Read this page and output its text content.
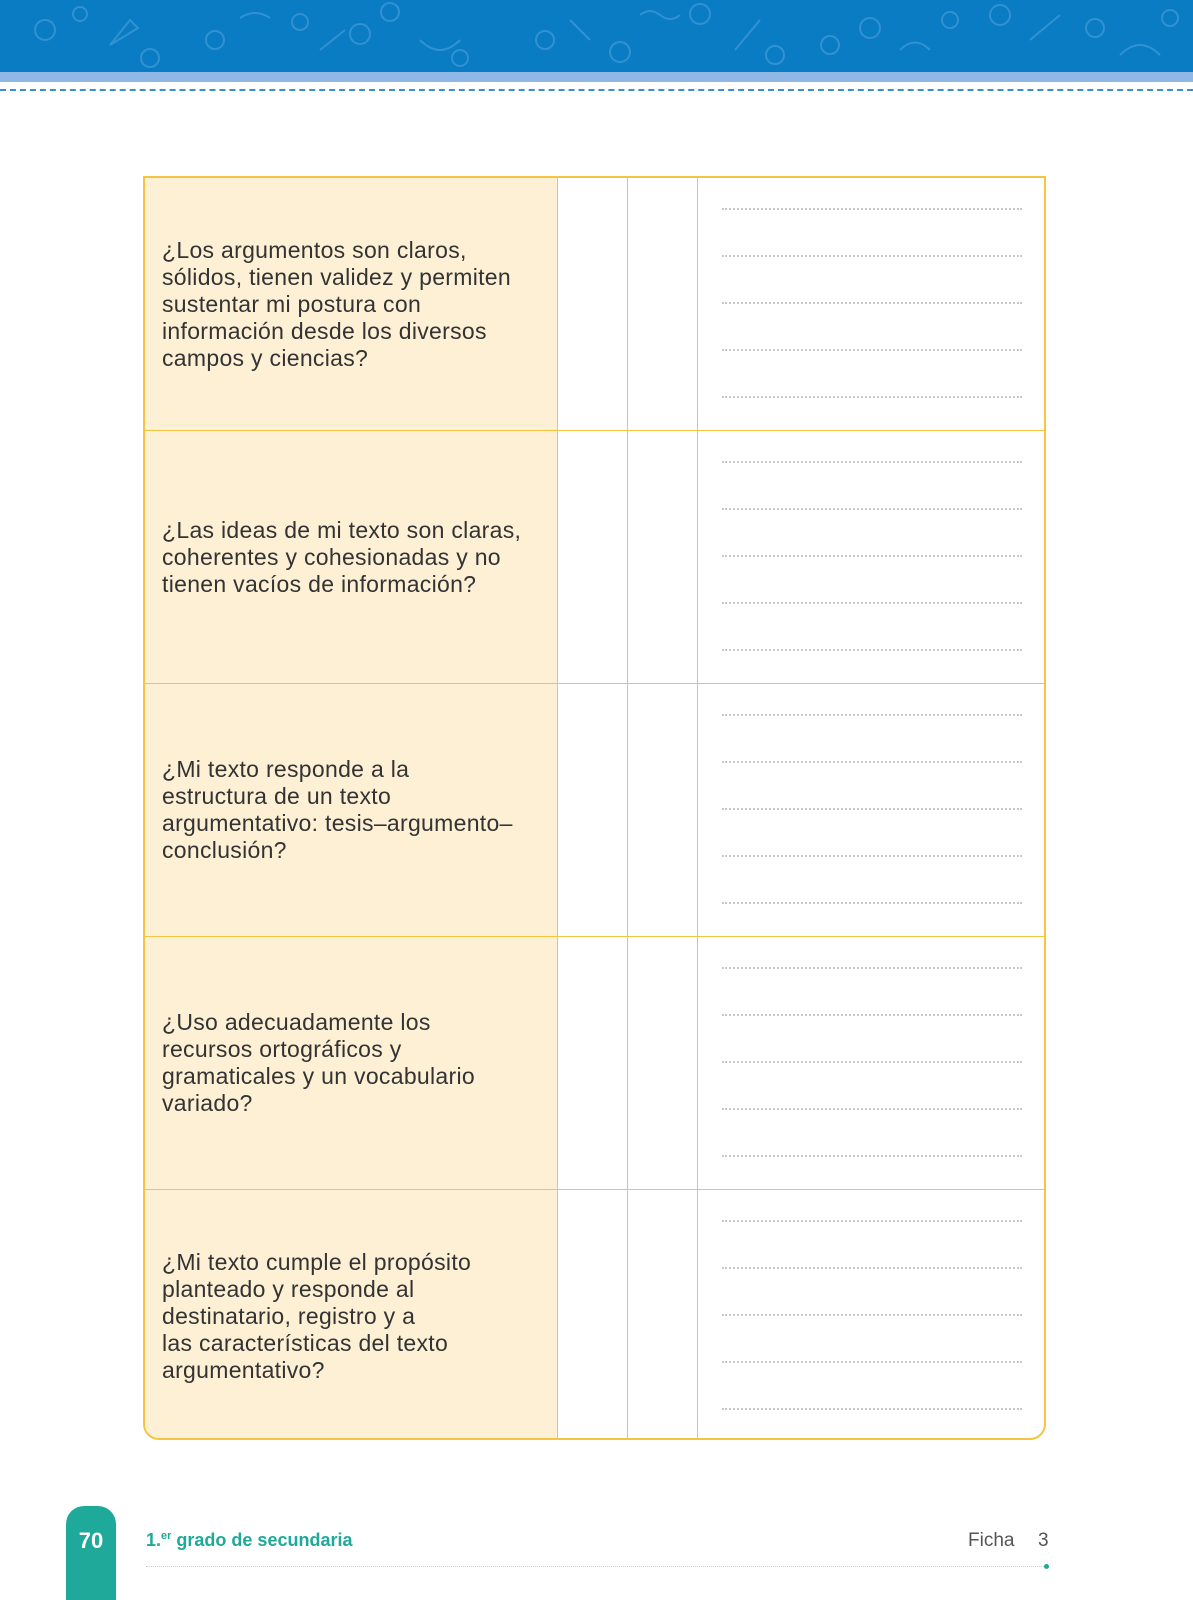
¿Los argumentos son claros,
sólidos, tienen validez y permiten
sustentar mi postura con
información desde los diversos
campos y ciencias?
¿Las ideas de mi texto son claras,
coherentes y cohesionadas y no
tienen vacíos de información?
¿Mi texto responde a la
estructura de un texto
argumentativo: tesis–argumento–
conclusión?
¿Uso adecuadamente los
recursos ortográficos y
gramaticales y un vocabulario
variado?
¿Mi texto cumple el propósito
planteado y responde al
destinatario, registro y a
las características del texto
argumentativo?
70	1.$^{er}$ grado de secundaria	Ficha 3
